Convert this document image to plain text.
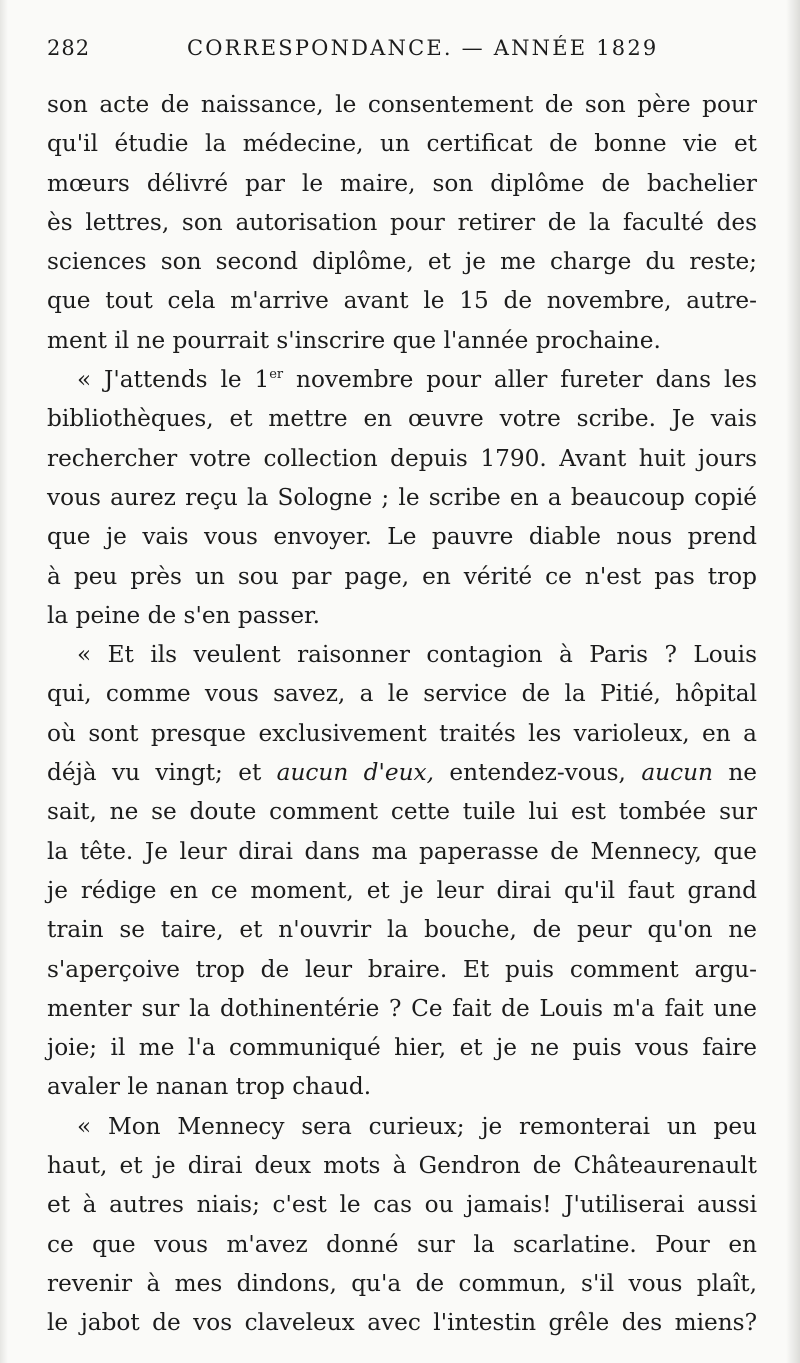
282	CORRESPONDANCE. — ANNÉE 1829
son acte de naissance, le consentement de son père pour
qu'il étudie la médecine, un certificat de bonne vie et
mœurs délivré par le maire, son diplôme de bachelier
ès lettres, son autorisation pour retirer de la faculté des
sciences son second diplôme, et je me charge du reste;
que tout cela m'arrive avant le 15 de novembre, autre-
ment il ne pourrait s'inscrire que l'année prochaine.
« J'attends le 1er novembre pour aller fureter dans les
bibliothèques, et mettre en œuvre votre scribe. Je vais
rechercher votre collection depuis 1790. Avant huit jours
vous aurez reçu la Sologne ; le scribe en a beaucoup copié
que je vais vous envoyer. Le pauvre diable nous prend
à peu près un sou par page, en vérité ce n'est pas trop
la peine de s'en passer.
« Et ils veulent raisonner contagion à Paris ? Louis
qui, comme vous savez, a le service de la Pitié, hôpital
où sont presque exclusivement traités les varioleux, en a
déjà vu vingt; et aucun d'eux, entendez-vous, aucun ne
sait, ne se doute comment cette tuile lui est tombée sur
la tête. Je leur dirai dans ma paperasse de Mennecy, que
je rédige en ce moment, et je leur dirai qu'il faut grand
train se taire, et n'ouvrir la bouche, de peur qu'on ne
s'aperçoive trop de leur braire. Et puis comment argu-
menter sur la dothinentérie ? Ce fait de Louis m'a fait une
joie; il me l'a communiqué hier, et je ne puis vous faire
avaler le nanan trop chaud.
« Mon Mennecy sera curieux; je remonterai un peu
haut, et je dirai deux mots à Gendron de Châteaurenault
et à autres niais; c'est le cas ou jamais! J'utiliserai aussi
ce que vous m'avez donné sur la scarlatine. Pour en
revenir à mes dindons, qu'a de commun, s'il vous plaît,
le jabot de vos claveleux avec l'intestin grêle des miens?
